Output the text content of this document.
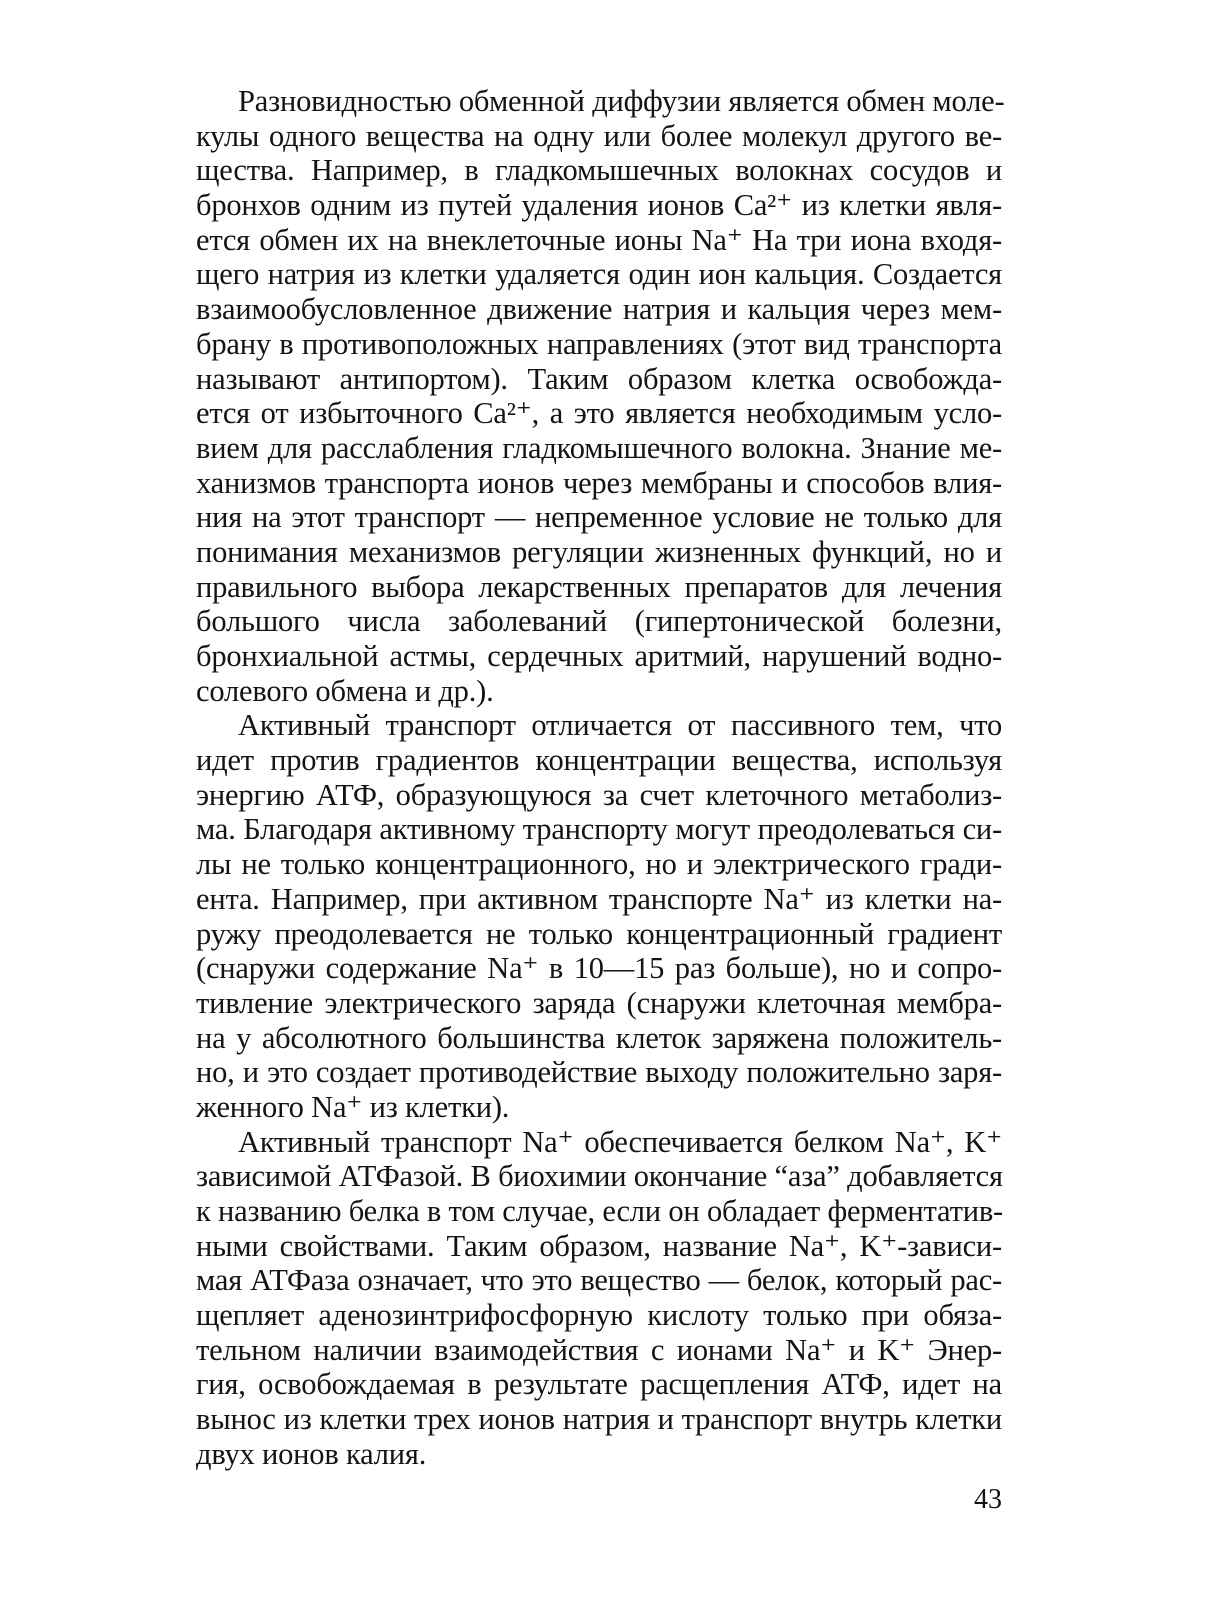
Разновидностью обменной диффузии является обмен моле-
кулы одного вещества на одну или более молекул другого ве-
щества. Например, в гладкомышечных волокнах сосудов и
бронхов одним из путей удаления ионов Са²⁺ из клетки явля-
ется обмен их на внеклеточные ионы Na⁺ На три иона входя-
щего натрия из клетки удаляется один ион кальция. Создается
взаимообусловленное движение натрия и кальция через мем-
брану в противоположных направлениях (этот вид транспорта
называют антипортом). Таким образом клетка освобожда-
ется от избыточного Са²⁺, а это является необходимым усло-
вием для расслабления гладкомышечного волокна. Знание ме-
ханизмов транспорта ионов через мембраны и способов влия-
ния на этот транспорт — непременное условие не только для
понимания механизмов регуляции жизненных функций, но и
правильного выбора лекарственных препаратов для лечения
большого числа заболеваний (гипертонической болезни,
бронхиальной астмы, сердечных аритмий, нарушений водно-
солевого обмена и др.).
Активный транспорт отличается от пассивного тем, что
идет против градиентов концентрации вещества, используя
энергию АТФ, образующуюся за счет клеточного метаболиз-
ма. Благодаря активному транспорту могут преодолеваться си-
лы не только концентрационного, но и электрического гради-
ента. Например, при активном транспорте Na⁺ из клетки на-
ружу преодолевается не только концентрационный градиент
(снаружи содержание Na⁺ в 10—15 раз больше), но и сопро-
тивление электрического заряда (снаружи клеточная мембра-
на у абсолютного большинства клеток заряжена положитель-
но, и это создает противодействие выходу положительно заря-
женного Na⁺ из клетки).
Активный транспорт Na⁺ обеспечивается белком Na⁺, K⁺
зависимой АТФазой. В биохимии окончание “аза” добавляется
к названию белка в том случае, если он обладает ферментатив-
ными свойствами. Таким образом, название Na⁺, K⁺-зависи-
мая АТФаза означает, что это вещество — белок, который рас-
щепляет аденозинтрифосфорную кислоту только при обяза-
тельном наличии взаимодействия с ионами Na⁺ и K⁺ Энер-
гия, освобождаемая в результате расщепления АТФ, идет на
вынос из клетки трех ионов натрия и транспорт внутрь клетки
двух ионов калия.
43
